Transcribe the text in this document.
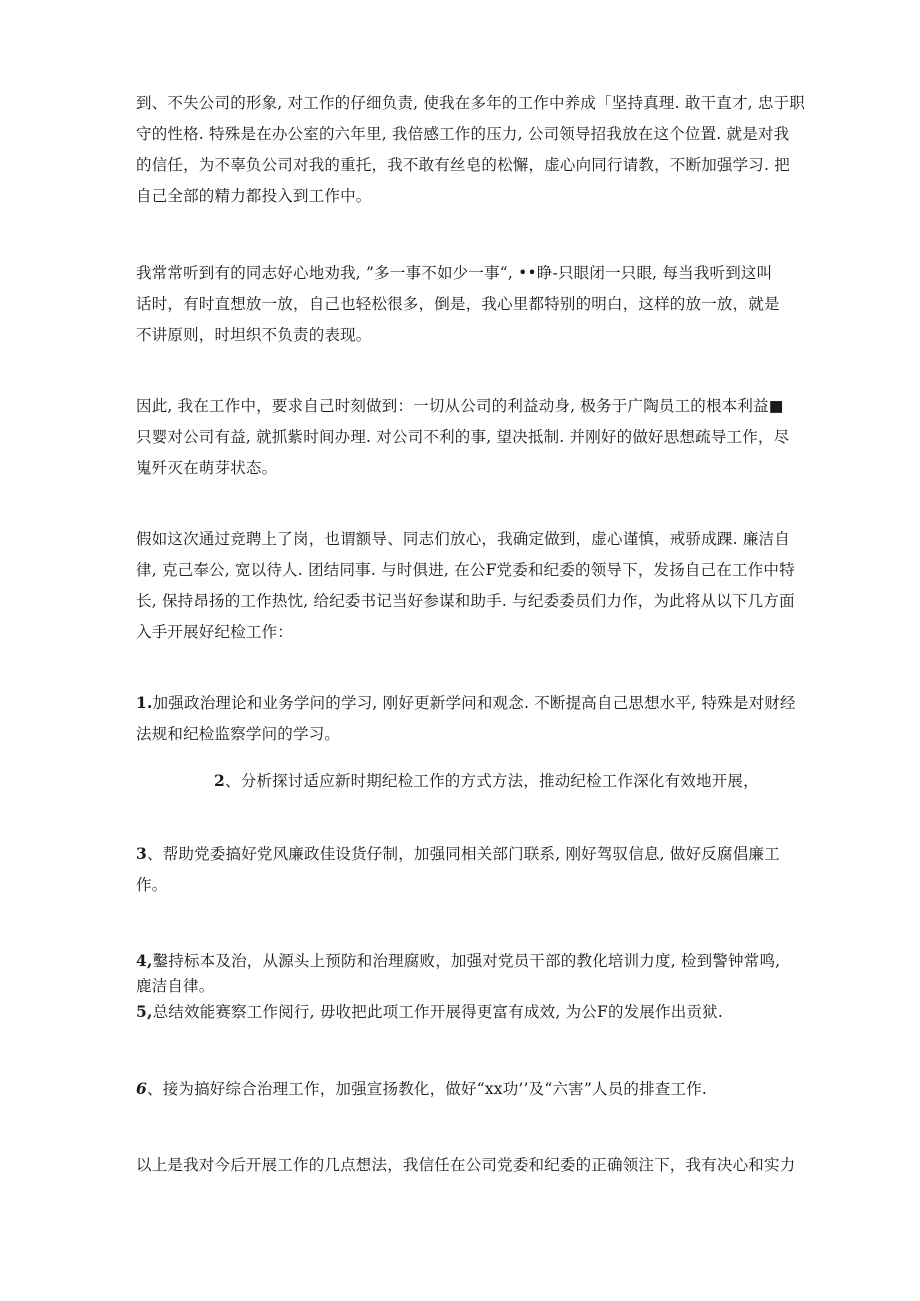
到、不失公司的形象, 对工作的仔细负责, 使我在多年的工作中养成「坚持真理. 敢干直才, 忠于职
守的性格. 特殊是在办公室的六年里, 我倍感工作的压力, 公司领导招我放在这个位置. 就是对我
的信任，为不辜负公司对我的重托，我不敢有丝皂的松懈，虚心向同行请教，不断加强学习. 把
自己全部的精力都投入到工作中。
我常常听到有的同志好心地劝我, ”多一事不如少一事“, ••睁-只眼闭一只眼, 每当我听到这叫
话时，有时直想放一放，自己也轻松很多，倒是，我心里都特别的明白，这样的放一放，就是
不讲原则，时坦织不负责的表现。
因此, 我在工作中，要求自己时刻做到：一切从公司的利益动身, 极务于广陶员工的根本利益■
只婴对公司有益, 就抓紫时间办理. 对公司不利的事, 望决抵制. 并刚好的做好思想疏导工作，尽
嵬歼灭在萌芽状态。
假如这次通过竞聘上了岗，也谓额导、同志们放心，我确定做到，虚心谨慎，戒骄成踝. 廉洁自
律, 克己奉公, 宽以待人. 团结同事. 与时俱进, 在公F党委和纪委的领导下，发扬自己在工作中特
长, 保持昂扬的工作热忱, 给纪委书记当好参谋和助手. 与纪委委员们力作，为此将从以下几方面
入手开展好纪检工作：
1.加强政治理论和业务学问的学习, 刚好更新学问和观念. 不断提高自己思想水平, 特殊是对财经
法规和纪检监察学问的学习。
2、分析探讨适应新时期纪检工作的方式方法，推动纪检工作深化有效地开展，
3、帮助党委搞好党风廉政佳设货仔制，加强同相关部门联系, 刚好驾驭信息, 做好反腐倡廉工
作。
4,鑿持标本及治，从源头上预防和治理腐败，加强对党员干部的教化培训力度, 检到警钟常鸣,
鹿洁自律。
5,总结效能赛察工作阅行, 毋收把此项工作开展得更富有成效, 为公F的发展作出贡狱.
6、接为搞好综合治理工作，加强宣扬教化，做好“xx功’’及“六害”人员的排查工作.
以上是我对今后开展工作的几点想法，我信任在公司党委和纪委的正确领注下，我有决心和实力
